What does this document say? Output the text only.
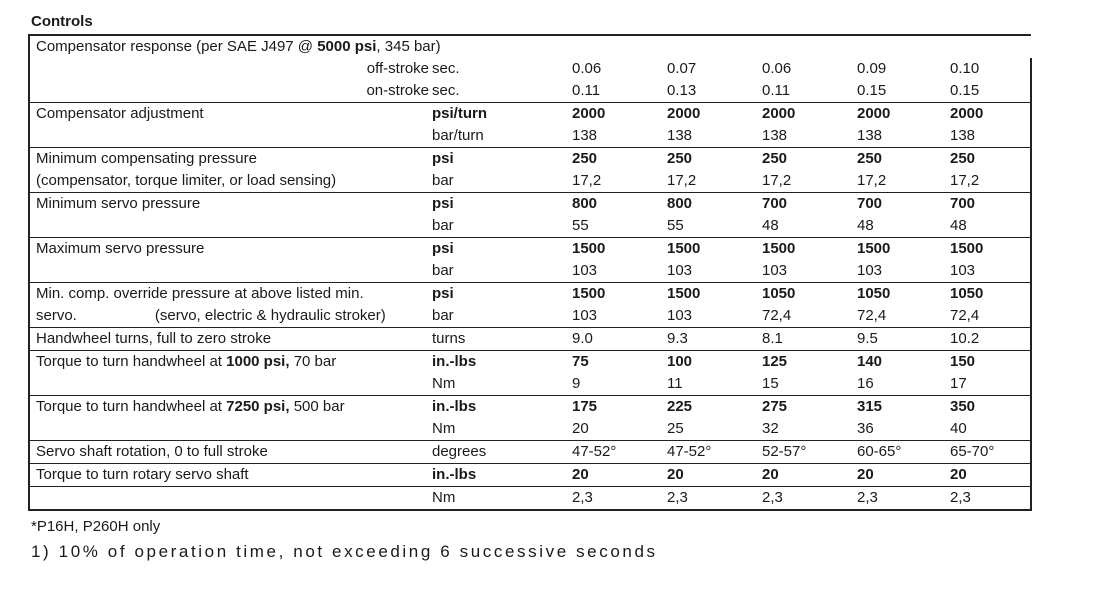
Controls
Compensator response (per SAE J497 @ 5000 psi, 345 bar)						
off-stroke	sec.	0.06	0.07	0.06	0.09	0.10
on-stroke	sec.	0.11	0.13	0.11	0.15	0.15
Compensator adjustment	psi/turn	2000	2000	2000	2000	2000
	bar/turn	138	138	138	138	138
Minimum compensating pressure	psi	250	250	250	250	250
(compensator, torque limiter, or load sensing)	bar	17,2	17,2	17,2	17,2	17,2
Minimum servo pressure	psi	800	800	700	700	700
	bar	55	55	48	48	48
Maximum servo pressure	psi	1500	1500	1500	1500	1500
	bar	103	103	103	103	103
Min. comp. override pressure at above listed min.	psi	1500	1500	1050	1050	1050
servo. (servo, electric & hydraulic stroker)	bar	103	103	72,4	72,4	72,4
Handwheel turns, full to zero stroke	turns	9.0	9.3	8.1	9.5	10.2
Torque to turn handwheel at 1000 psi, 70 bar	in.-lbs	75	100	125	140	150
	Nm	9	11	15	16	17
Torque to turn handwheel at 7250 psi, 500 bar	in.-lbs	175	225	275	315	350
	Nm	20	25	32	36	40
Servo shaft rotation, 0 to full stroke	degrees	47-52°	47-52°	52-57°	60-65°	65-70°
Torque to turn rotary servo shaft	in.-lbs	20	20	20	20	20
	Nm	2,3	2,3	2,3	2,3	2,3
*P16H, P260H only
1) 10% of operation time, not exceeding 6 successive seconds
